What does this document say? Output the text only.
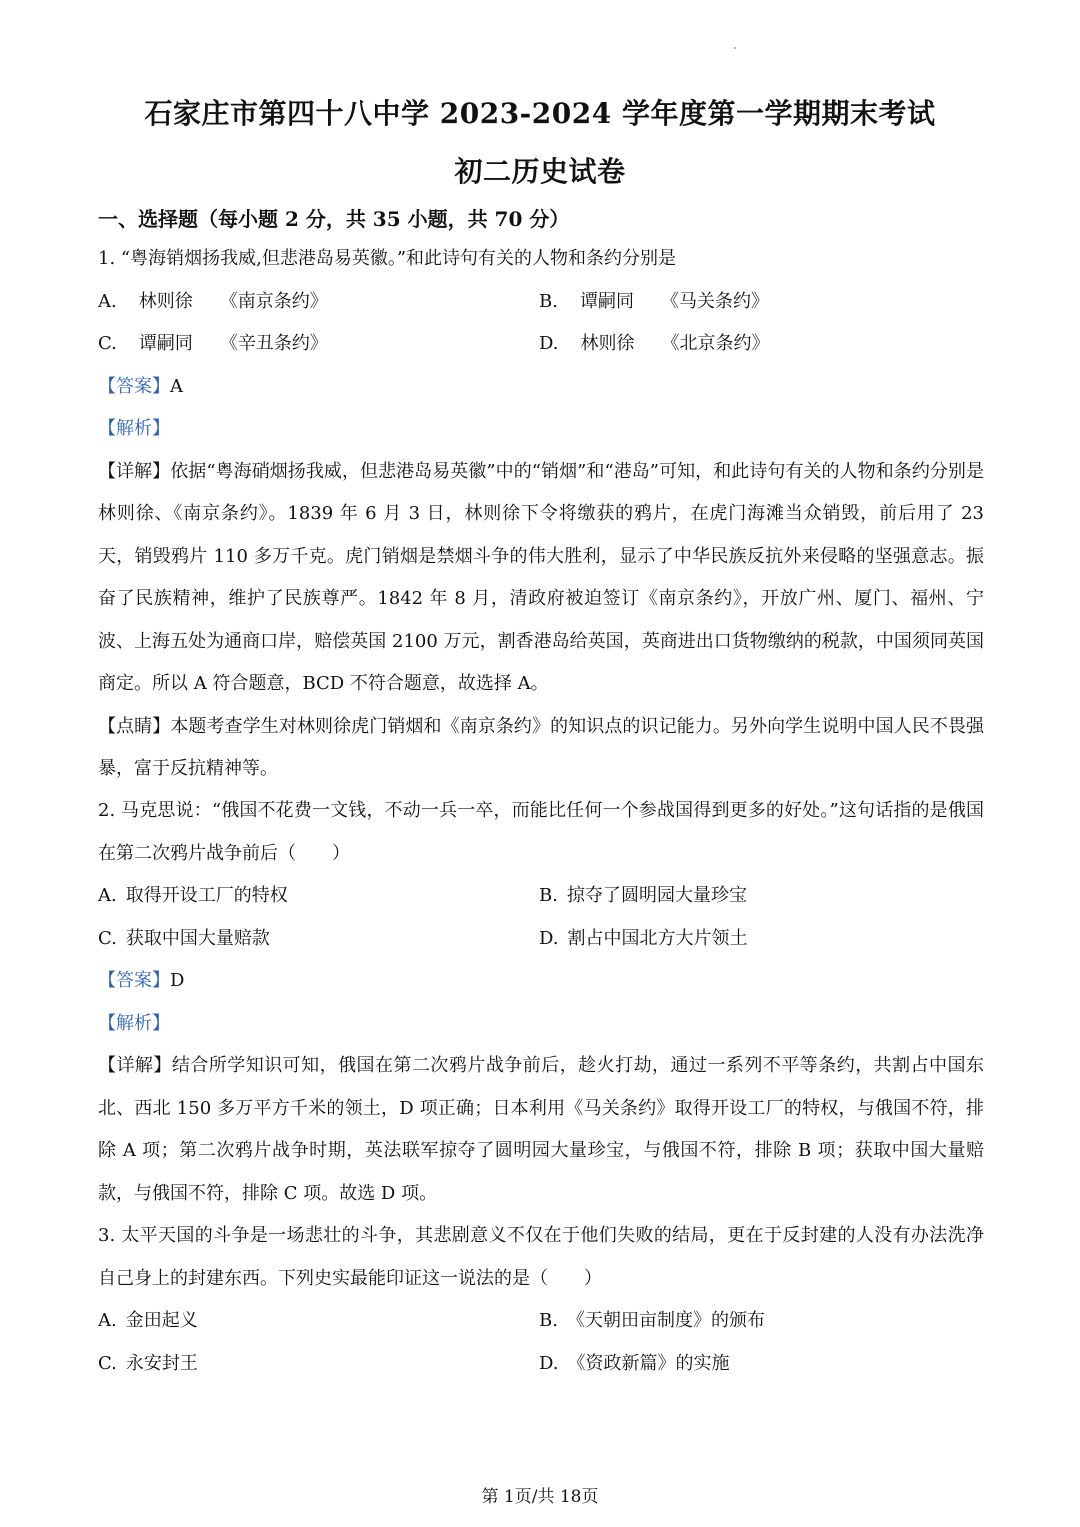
石家庄市第四十八中学 2023-2024 学年度第一学期期末考试
初二历史试卷
一、选择题（每小题 2 分，共 35 小题，共 70 分）
1. “粤海销烟扬我威,但悲港岛易英徽。”和此诗句有关的人物和条约分别是
A. 林则徐　　《南京条约》	B. 谭嗣同　　《马关条约》
C. 谭嗣同　　《辛丑条约》	D. 林则徐　　《北京条约》
【答案】A
【解析】

【详解】依据“粤海硝烟扬我威，但悲港岛易英徽”中的“销烟”和“港岛”可知，和此诗句有关的人物和条约分别是林则徐、《南京条约》。1839 年 6 月 3 日，林则徐下令将缴获的鸦片，在虎门海滩当众销毁，前后用了 23 天，销毁鸦片 110 多万千克。虎门销烟是禁烟斗争的伟大胜利，显示了中华民族反抗外来侵略的坚强意志。振奋了民族精神，维护了民族尊严。1842 年 8 月，清政府被迫签订《南京条约》，开放广州、厦门、福州、宁波、上海五处为通商口岸，赔偿英国 2100 万元，割香港岛给英国，英商进出口货物缴纳的税款，中国须同英国商定。所以 A 符合题意，BCD 不符合题意，故选择 A。

【点睛】本题考查学生对林则徐虎门销烟和《南京条约》的知识点的识记能力。另外向学生说明中国人民不畏强暴，富于反抗精神等。

2. 马克思说：“俄国不花费一文钱，不动一兵一卒，而能比任何一个参战国得到更多的好处。”这句话指的是俄国在第二次鸦片战争前后（　　）

A.  取得开设工厂的特权	B.  掠夺了圆明园大量珍宝
C.  获取中国大量赔款	D.  割占中国北方大片领土
【答案】D
【解析】

【详解】结合所学知识可知，俄国在第二次鸦片战争前后，趁火打劫，通过一系列不平等条约，共割占中国东北、西北 150 多万平方千米的领土，D 项正确；日本利用《马关条约》取得开设工厂的特权，与俄国不符，排除 A 项；第二次鸦片战争时期，英法联军掠夺了圆明园大量珍宝，与俄国不符，排除 B 项；获取中国大量赔款，与俄国不符，排除 C 项。故选 D 项。

3. 太平天国的斗争是一场悲壮的斗争，其悲剧意义不仅在于他们失败的结局，更在于反封建的人没有办法洗净自己身上的封建东西。下列史实最能印证这一说法的是（　　）

A.  金田起义	B.  《天朝田亩制度》的颁布
C.  永安封王	D.  《资政新篇》的实施
第 1页/共 18页
